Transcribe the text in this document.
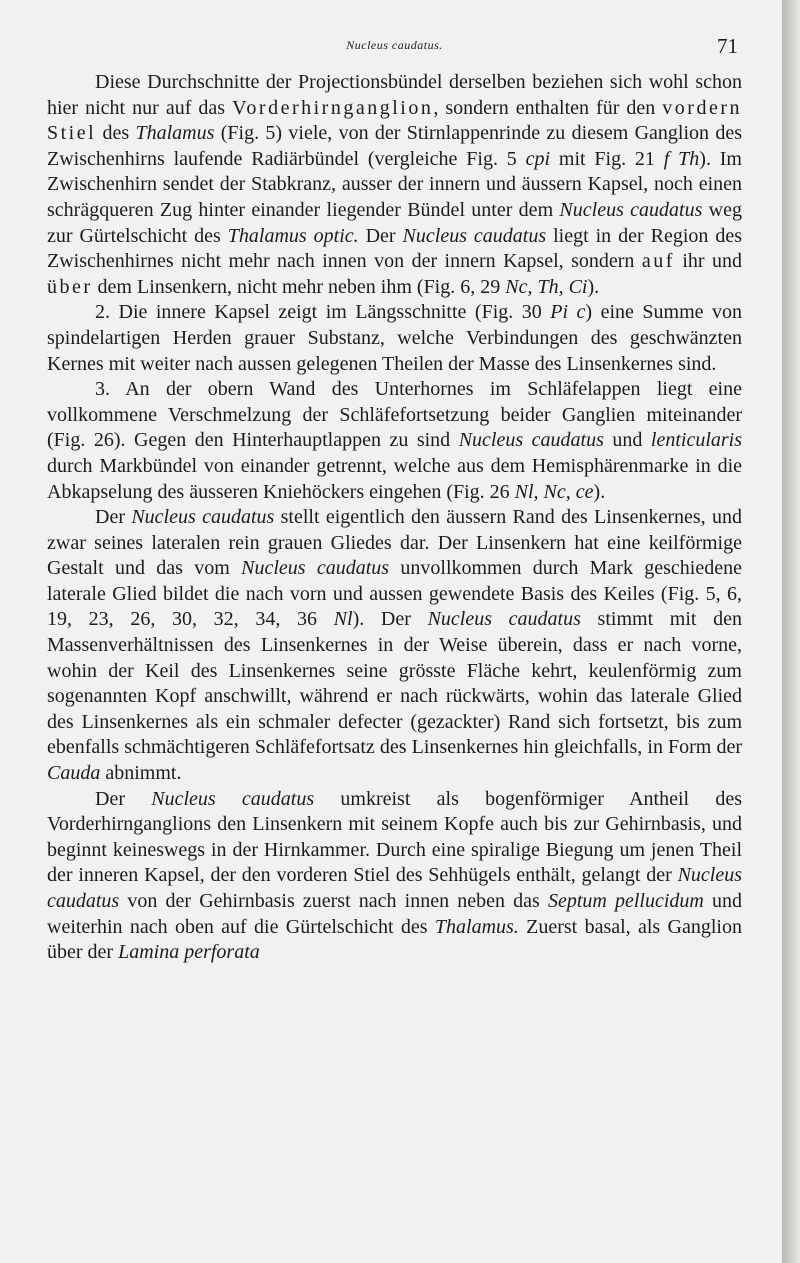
Nucleus caudatus.	71

Diese Durchschnitte der Projectionsbündel derselben beziehen sich wohl schon hier nicht nur auf das Vorderhirnganglion, sondern enthalten für den vordern Stiel des Thalamus (Fig. 5) viele, von der Stirnlappenrinde zu diesem Ganglion des Zwischenhirns laufende Radiärbündel (vergleiche Fig. 5 cpi mit Fig. 21 f Th). Im Zwischenhirn sendet der Stabkranz, ausser der innern und äussern Kapsel, noch einen schrägqueren Zug hinter einander liegender Bündel unter dem Nucleus caudatus weg zur Gürtelschicht des Thalamus optic. Der Nucleus caudatus liegt in der Region des Zwischenhirnes nicht mehr nach innen von der innern Kapsel, sondern auf ihr und über dem Linsenkern, nicht mehr neben ihm (Fig. 6, 29 Nc, Th, Ci).

2. Die innere Kapsel zeigt im Längsschnitte (Fig. 30 Pi c) eine Summe von spindelartigen Herden grauer Substanz, welche Verbindungen des geschwänzten Kernes mit weiter nach aussen gelegenen Theilen der Masse des Linsenkernes sind.

3. An der obern Wand des Unterhornes im Schläfelappen liegt eine vollkommene Verschmelzung der Schläfefortsetzung beider Ganglien miteinander (Fig. 26). Gegen den Hinterhauptlappen zu sind Nucleus caudatus und lenticularis durch Markbündel von einander getrennt, welche aus dem Hemisphärenmarke in die Abkapselung des äusseren Kniehöckers eingehen (Fig. 26 Nl, Nc, ce).

Der Nucleus caudatus stellt eigentlich den äussern Rand des Linsenkernes, und zwar seines lateralen rein grauen Gliedes dar. Der Linsenkern hat eine keilförmige Gestalt und das vom Nucleus caudatus unvollkommen durch Mark geschiedene laterale Glied bildet die nach vorn und aussen gewendete Basis des Keiles (Fig. 5, 6, 19, 23, 26, 30, 32, 34, 36 Nl). Der Nucleus caudatus stimmt mit den Massenverhältnissen des Linsenkernes in der Weise überein, dass er nach vorne, wohin der Keil des Linsenkernes seine grösste Fläche kehrt, keulenförmig zum sogenannten Kopf anschwillt, während er nach rückwärts, wohin das laterale Glied des Linsenkernes als ein schmaler defecter (gezackter) Rand sich fortsetzt, bis zum ebenfalls schmächtigeren Schläfefortsatz des Linsenkernes hin gleichfalls, in Form der Cauda abnimmt.

Der Nucleus caudatus umkreist als bogenförmiger Antheil des Vorderhirnganglions den Linsenkern mit seinem Kopfe auch bis zur Gehirnbasis, und beginnt keineswegs in der Hirnkammer. Durch eine spiralige Biegung um jenen Theil der inneren Kapsel, der den vorderen Stiel des Sehhügels enthält, gelangt der Nucleus caudatus von der Gehirnbasis zuerst nach innen neben das Septum pellucidum und weiterhin nach oben auf die Gürtelschicht des Thalamus. Zuerst basal, als Ganglion über der Lamina perforata
